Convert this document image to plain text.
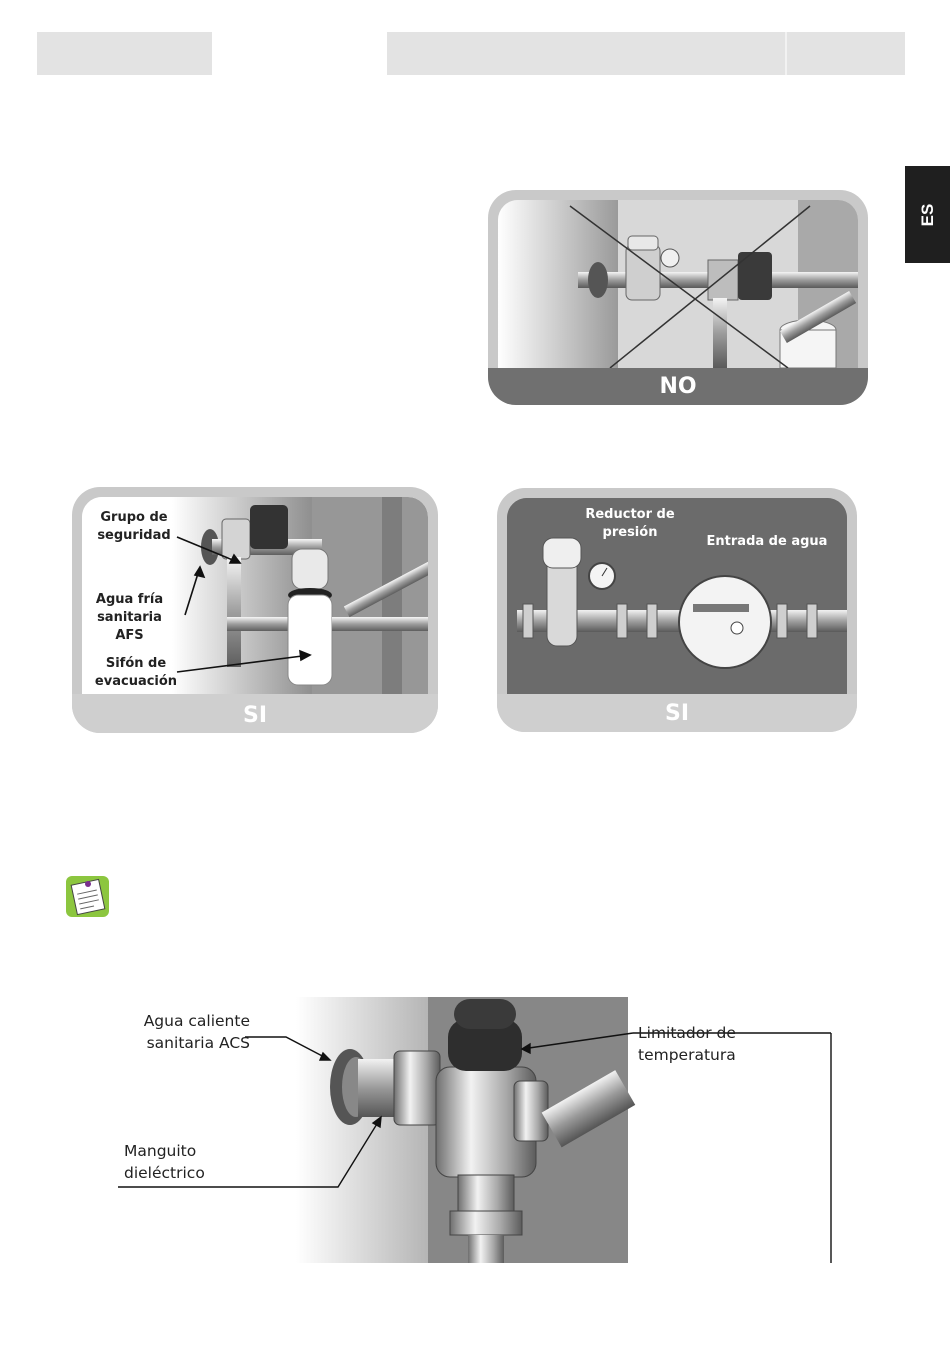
ES
NO
Grupo de
seguridad
Agua fría
sanitaria AFS
Sifón de
evacuación
SI
Reductor de
presión
Entrada de agua
SI
Agua caliente
sanitaria ACS
Limitador de temperatura
Manguito
dieléctrico
